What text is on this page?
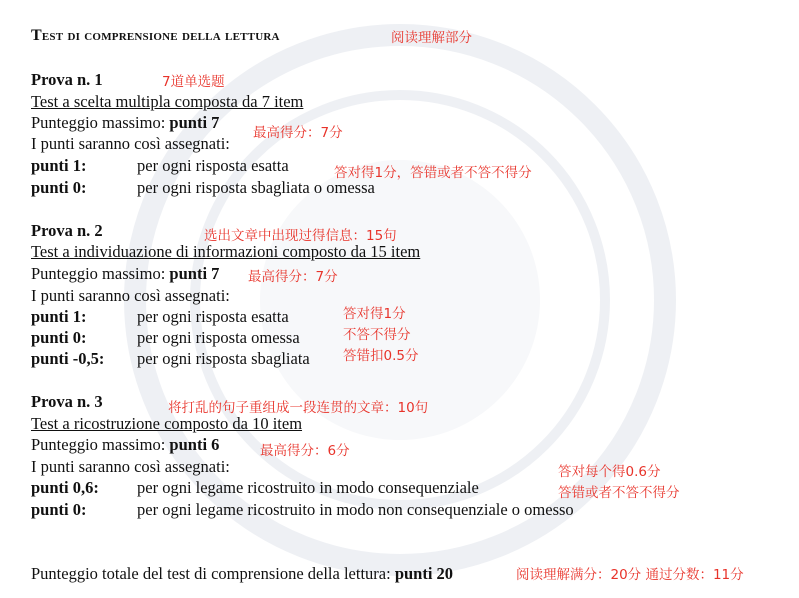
Test di comprensione della lettura	阅读理解部分
Prova n. 1	7道单选题
Test a scelta multipla composta da 7 item
Punteggio massimo: punti 7
最高得分：7分
I punti saranno così assegnati:
punti 1:	per ogni risposta esatta	答对得1分，答错或者不答不得分
punti 0:	per ogni risposta sbagliata o omessa
Prova n. 2	选出文章中出现过得信息：15句
Test a individuazione di informazioni composto da 15 item
Punteggio massimo: punti 7 最高得分：7分
I punti saranno così assegnati:
punti 1:	per ogni risposta esatta	答对得1分
punti 0:	per ogni risposta omessa	不答不得分
punti -0,5: per ogni risposta sbagliata 答错扣0.5分
Prova n. 3	将打乱的句子重组成一段连贯的文章：10句
Test a ricostruzione composto da 10 item
Punteggio massimo: punti 6	最高得分：6分
I punti saranno così assegnati:	答对每个得0.6分
punti 0,6: per ogni legame ricostruito in modo consequenziale	答错或者不答不得分
punti 0:	per ogni legame ricostruito in modo non consequenziale o omesso
Punteggio totale del test di comprensione della lettura: punti 20	阅读理解满分：20分 通过分数：11分
